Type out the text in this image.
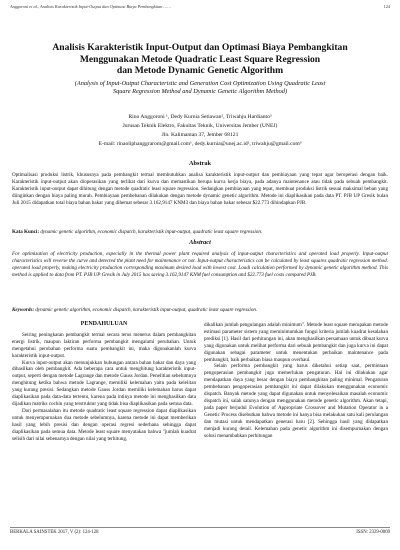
Anggoroni et al., Analisis Karakteristik Input-Output dan Optimasi Biaya Pembangkitan ……	124
Analisis Karakteristik Input-Output dan Optimasi Biaya Pembangkitan
Menggunakan Metode Quadratic Least Square Regression
dan Metode Dynamic Genetic Algorithm
(Analysis of Input-Output Characteristic and Generation Cost Optimization Using Quadratic Least
Square Regression Method and Dynamic Genetic Algorithm Method)
Rino Anggoroni ¹, Dedy Kurnia Setiawan², Triwahju Hardianto³
Jurusan Teknik Elektro, Fakultas Teknik, Universitas Jember (UNEJ)
Jln. Kalimantan 37, Jember 68121
E-mail: rinaoliphanggrarom@gmail.com¹, dedy.kurnia@unej.ac.id², triwahju@gmail.com³
Abstrak
Optimalisasi produksi listrik, khususnya pada pembangkit termal membutuhkan analisa karakteristik input-output dan pembiayaan yang tepat agar beroperasi dengan baik. Karakteristik input-output akan dioperasikan yang terlihat dari kurva dan memastikan berupa kurva kerja biaya, pada adanya maintenance atau tidak pada sebuah pembangkit. Karakteristik input-output dapat dihitung dengan metode quadratic least square regression. Sedangkan pembiayaan yang tepat, membuat produksi listrik sesuai maksimal beban yang diinginkan dengan biaya paling murah. Pembiayaan pembebanan dilakukan dengan metode dynamic genetic algorithm. Metode ini diaplikasikan pada data PT. PJB UP Gresik bulan Juli 2015 didapatkan total biaya bahan bakar yang dihemat sebesar 3.162,9147 KNM3 dan biaya bahan bakar sebesar $22.773 dihindapkan PJB.
Kata Kunci: dynamic genetic algorithm, economic dispatch, karakteristik input-output, quadratic least square regression.
Abstract
For optimization of electricity production, especially in the thermal power plant required analysis of input-output characteristics and operated load properly. Input-output characteristics will reverse the curve and detected the plant need for maintenance or not. Input-output characteristics can be calculated by least squares quadratic regression method. operated load properly, making electricity production corresponding maximum desired load with lowest cost. Loadi calculation performed by dynamic genetic algorithm method. This method is applied to data from PT. PJB UP Gresik in July 2015 has saving 3.162,9147 KNM fuel consumption and $22.773 fuel costs compared PJB.
Keywords: dynamic genetic algorithm, economic dispatch, karakteristik input-output, quadratic least square regression.
PENDAHULUAN

Seiring peningkatan pembangkit termal secara terus menerus dalam pembangkitan energi listrik, maupun laktiran performa pembangkit mengalami perubahan. Untuk mengetahui perubahan performa suatu pembangkit ini, maka digunakanlah kurva karakteristik input-output.

Kurva input-output akan menunjukkan hubungan antara bahan bakar dan daya yang dihasilkan oleh pembangkit. Ada beberapa cara untuk menghitung karakteristik input-output, seperti dengan metode Lagrange dan metode Gauss Jordan. Penelitian sebelumnya menghitung ketika bahwa metode Lagrange, memiliki kelemahan yaitu pada kelelitan yang kurang presisi. Sedangkan metode Gauss Jordan memiliki kelemahan harus dapat diaplikasikan pada data-data tertentu, karena pada intinya metode ini menghasilkan data dijadikan matriks cochin yang terstruktur yang tidak bisa diaplikasikan pada semua data.

Dari permasalahan itu metode quadratic least square regression dapat diaplikasikan untuk menyempurnakan dua metode sebelumnya, karena metode ini dapat memberikan hasil yang lebih presisi dan dengan operasi regresi sederhana sehingga dapat diaplikasikan pada semua data. Metode least square menyatakan bahwa "jumlah kuadrat selisih dari nilai sebenarnya dengan nilai yang terhitung,

dikalikan jumlah pengulangan adalah minimum". Metode least square merupakan metode estimasi parameter sistem yang meminimumkan fungsi kriteria jumlah kuadrat kesalahan prediksi [1]. Hasil dari perhitungan ini, akan menghasilkan persamaan untuk dibuat kurva yang digunakan untuk melihat performa dari sebuah pembangkit dan juga kurva ini dapat digunakan sebagai parameter untuk menentukan perbaikan maintenance pada pembangkit, baik perbaikan biasa maupun overhaul.

Selain performa pembangkit yang harus diketahui setiap saat, permintaan pengoperasian pembangkit juga memerlukan pengaturan. Hal ini dilakukan agar mendapatkan daya yang besar dengan biaya pembangkitan paling minimal. Pengaturan pembebanan pengoperasian pembangkit ini dapat dilakukan menggunakan economic dispatch. Banyak metode yang dapat digunakan untuk menyelesaikan masalah economic dispatch ini, salah satunya dengan menggunakan metode genetic algorithm. Akan tetapi, pada paper berjudul Evolution of Appropriate Crossover and Mutation Operator in a Genetic Process disebutkan bahwa metode ini hanya bisa melakukan satu kali perulangan dan mutasi untuk mendapatkan generasi baru [2]. Sehingga hasil yang didapatkan menjadi kurang detail. Kelemahan pada genetic algorithm ini disempurnakan dengan solusi menambahkan perhitungan

BERKALA SAINSTEK 2017, V (2): 124-128	ISSN: 2339-0069
